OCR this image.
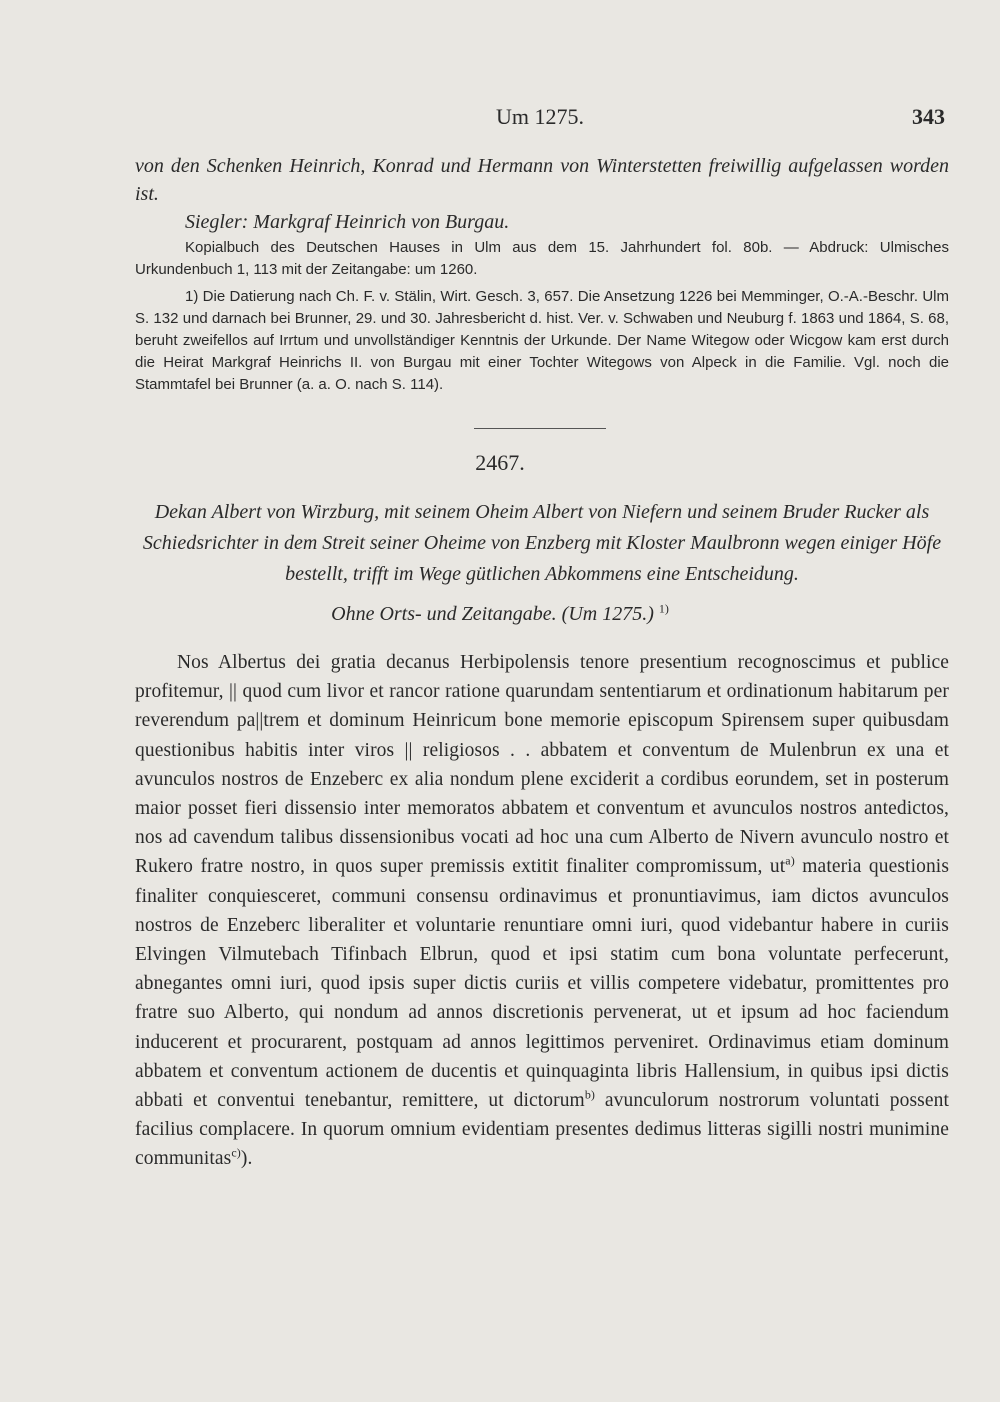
Um 1275.	343

von den Schenken Heinrich, Konrad und Hermann von Winterstetten freiwillig aufgelassen worden ist.

Siegler: Markgraf Heinrich von Burgau.

Kopialbuch des Deutschen Hauses in Ulm aus dem 15. Jahrhundert fol. 80b. — Abdruck: Ulmisches Urkundenbuch 1, 113 mit der Zeitangabe: um 1260.

1) Die Datierung nach Ch. F. v. Stälin, Wirt. Gesch. 3, 657. Die Ansetzung 1226 bei Memminger, O.-A.-Beschr. Ulm S. 132 und darnach bei Brunner, 29. und 30. Jahresbericht d. hist. Ver. v. Schwaben und Neuburg f. 1863 und 1864, S. 68, beruht zweifellos auf Irrtum und unvollständiger Kenntnis der Urkunde. Der Name Witegow oder Wicgow kam erst durch die Heirat Markgraf Heinrichs II. von Burgau mit einer Tochter Witegows von Alpeck in die Familie. Vgl. noch die Stammtafel bei Brunner (a. a. O. nach S. 114).

2467.
Dekan Albert von Wirzburg, mit seinem Oheim Albert von Niefern und seinem Bruder Rucker als Schiedsrichter in dem Streit seiner Oheime von Enzberg mit Kloster Maulbronn wegen einiger Höfe bestellt, trifft im Wege gütlichen Abkommens eine Entscheidung.
Ohne Orts- und Zeitangabe. (Um 1275.) $^{1)}$

Nos Albertus dei gratia decanus Herbipolensis tenore presentium recognoscimus et publice profitemur, || quod cum livor et rancor ratione quarundam sententiarum et ordinationum habitarum per reverendum pa||trem et dominum Heinricum bone memorie episcopum Spirensem super quibusdam questionibus habitis inter viros || religiosos . . abbatem et conventum de Mulenbrun ex una et avunculos nostros de Enzeberc ex alia nondum plene exciderit a cordibus eorundem, set in posterum maior posset fieri dissensio inter memoratos abbatem et conventum et avunculos nostros antedictos, nos ad cavendum talibus dissensionibus vocati ad hoc una cum Alberto de Nivern avunculo nostro et Rukero fratre nostro, in quos super premissis extitit finaliter compromissum, $ut^{a)}$ materia questionis finaliter conquiesceret, communi consensu ordinavimus et pronuntiavimus, iam dictos avunculos nostros de Enzeberc liberaliter et voluntarie renuntiare omni iuri, quod videbantur habere in curiis Elvingen Vilmutebach Tifinbach Elbrun, quod et ipsi statim cum bona voluntate perfecerunt, abnegantes omni iuri, quod ipsis super dictis curiis et villis competere videbatur, promittentes pro fratre suo Alberto, qui nondum ad annos discretionis pervenerat, ut et ipsum ad hoc faciendum inducerent et procurarent, postquam ad annos legittimos perveniret. Ordinavimus etiam dominum abbatem et conventum actionem de ducentis et quinquaginta libris Hallensium, in quibus ipsi dictis abbati et conventui tenebantur, remittere, ut dictorum$^{b)}$ avunculorum nostrorum voluntati possent facilius complacere. In quorum omnium evidentiam presentes dedimus litteras sigilli nostri munimine communitas$^{c)}$).
